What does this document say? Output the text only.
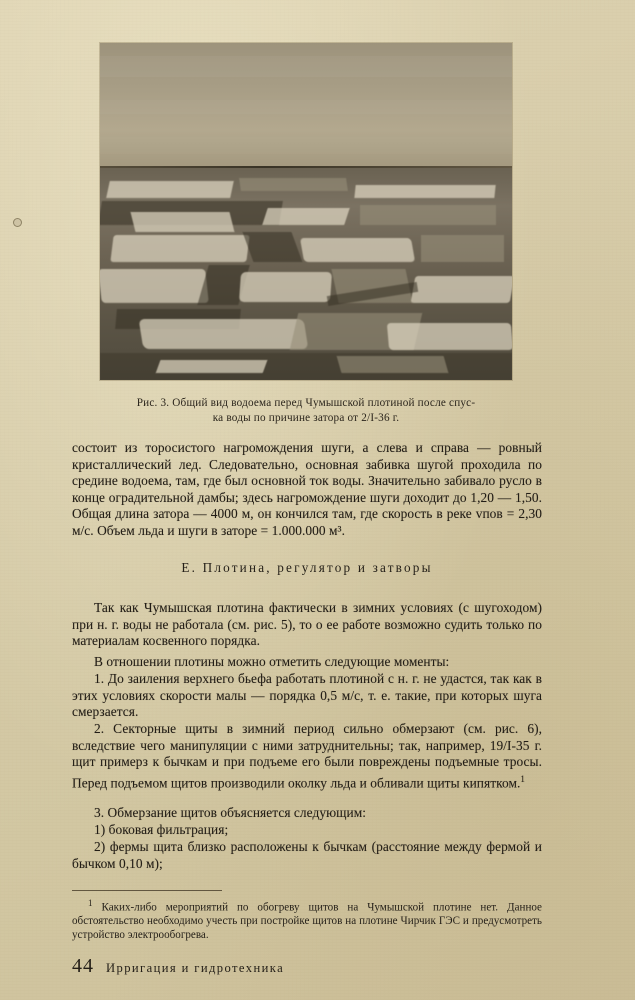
Рис. 3. Общий вид водоема перед Чумышской плотиной после спус-
ка воды по причине затора от 2/I-36 г.

состоит из торосистого нагромождения шуги, а слева и справа — ровный кристаллический лед. Следовательно, основная забивка шугой проходила по средине водоема, там, где был основной ток воды. Значительно забивало русло в конце оградительной дамбы; здесь нагромождение шуги доходит до 1,20 — 1,50. Общая длина затора — 4000 м, он кончился там, где скорость в реке vпов = 2,30 м/с. Объем льда и шуги в заторе = 1.000.000 м³.

Е. Плотина, регулятор и затворы

Так как Чумышская плотина фактически в зимних условиях (с шугоходом) при н. г. воды не работала (см. рис. 5), то о ее работе возможно судить только по материалам косвенного порядка.

В отношении плотины можно отметить следующие моменты:

1. До заиления верхнего бьефа работать плотиной с н. г. не удастся, так как в этих условиях скорости малы — порядка 0,5 м/с, т. е. такие, при которых шуга смерзается.

2. Секторные щиты в зимний период сильно обмерзают (см. рис. 6), вследствие чего манипуляции с ними затруднительны; так, например, 19/I-35 г. щит примерз к бычкам и при подъеме его были повреждены подъемные тросы. Перед подъемом щитов производили околку льда и обливали щиты кипятком.$^1$

3. Обмерзание щитов объясняется следующим:

1) боковая фильтрация;

2) фермы щита близко расположены к бычкам (расстояние между фермой и бычком 0,10 м);

$^1$ Каких-либо мероприятий по обогреву щитов на Чумышской плотине нет. Данное обстоятельство необходимо учесть при постройке щитов на плотине Чирчик ГЭС и предусмотреть устройство электрообогрева.

44 Ирригация и гидротехника
